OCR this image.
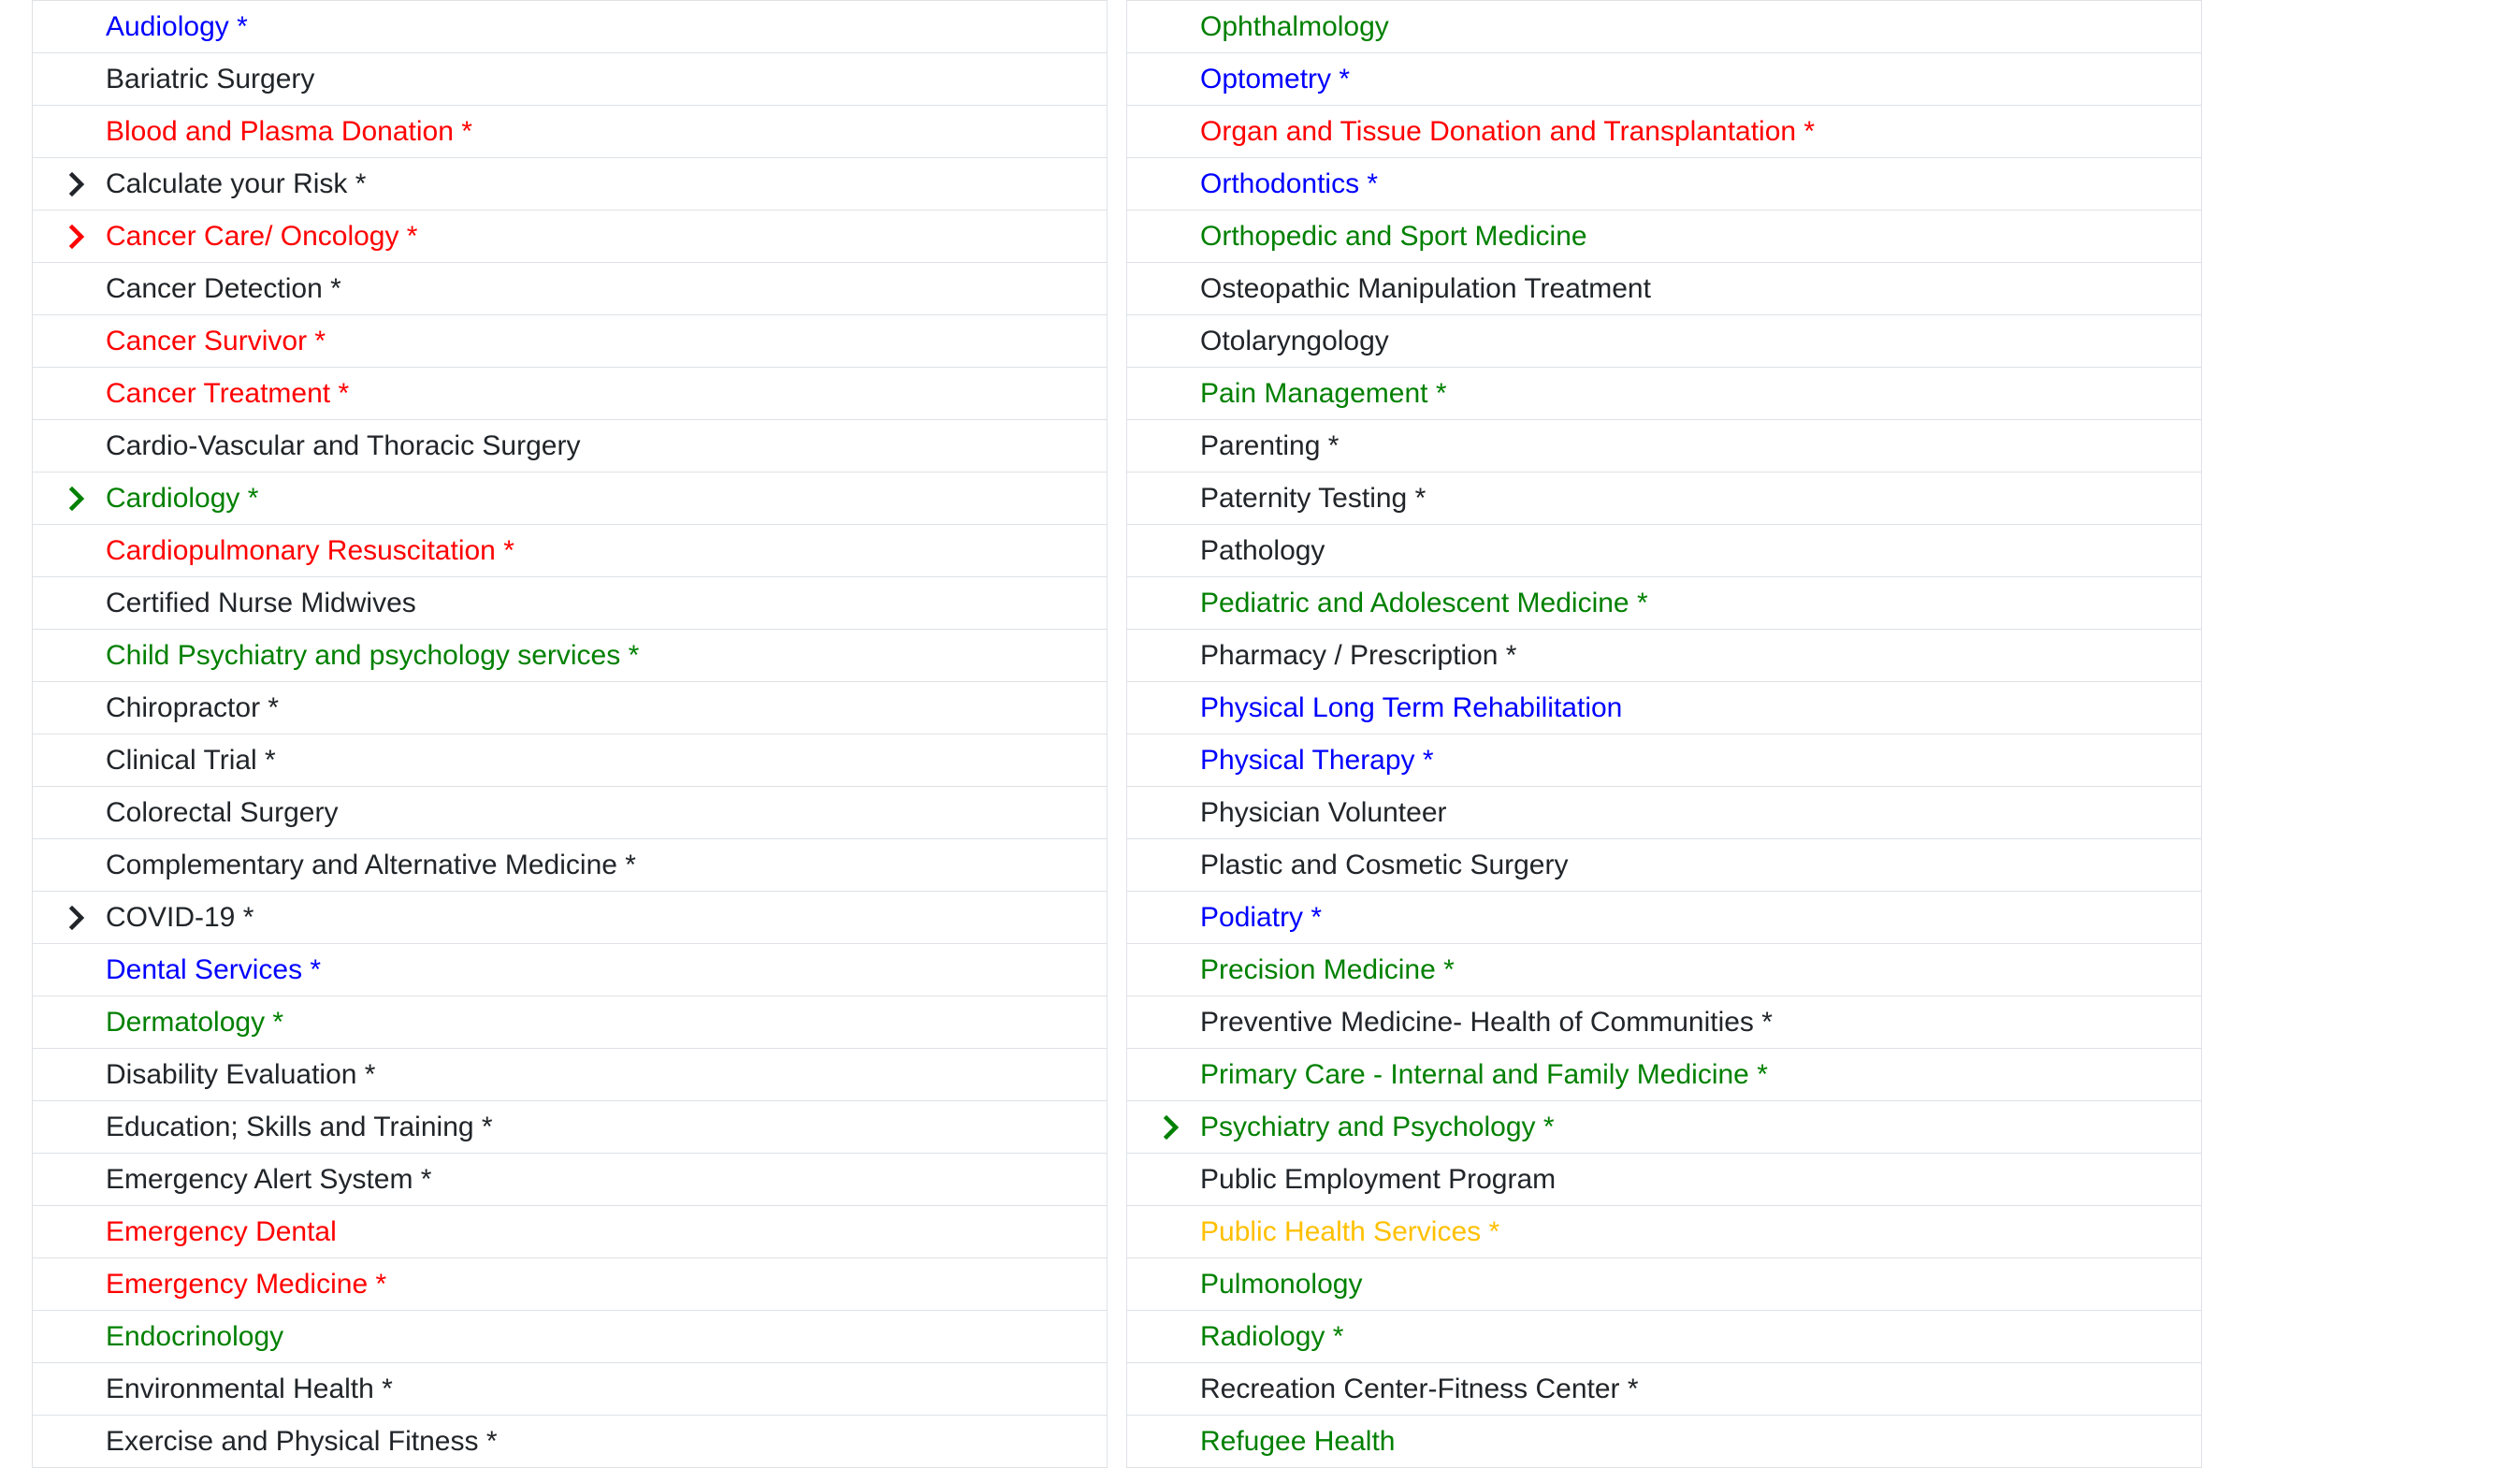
Audiology *
Bariatric Surgery
Blood and Plasma Donation *
Calculate your Risk *
Cancer Care/ Oncology *
Cancer Detection *
Cancer Survivor *
Cancer Treatment *
Cardio-Vascular and Thoracic Surgery
Cardiology *
Cardiopulmonary Resuscitation *
Certified Nurse Midwives
Child Psychiatry and psychology services *
Chiropractor *
Clinical Trial *
Colorectal Surgery
Complementary and Alternative Medicine *
COVID-19 *
Dental Services *
Dermatology *
Disability Evaluation *
Education; Skills and Training *
Emergency Alert System *
Emergency Dental
Emergency Medicine *
Endocrinology
Environmental Health *
Exercise and Physical Fitness *
Ophthalmology
Optometry *
Organ and Tissue Donation and Transplantation *
Orthodontics *
Orthopedic and Sport Medicine
Osteopathic Manipulation Treatment
Otolaryngology
Pain Management *
Parenting *
Paternity Testing *
Pathology
Pediatric and Adolescent Medicine *
Pharmacy / Prescription *
Physical Long Term Rehabilitation
Physical Therapy *
Physician Volunteer
Plastic and Cosmetic Surgery
Podiatry *
Precision Medicine *
Preventive Medicine- Health of Communities *
Primary Care - Internal and Family Medicine *
Psychiatry and Psychology *
Public Employment Program
Public Health Services *
Pulmonology
Radiology *
Recreation Center-Fitness Center *
Refugee Health
